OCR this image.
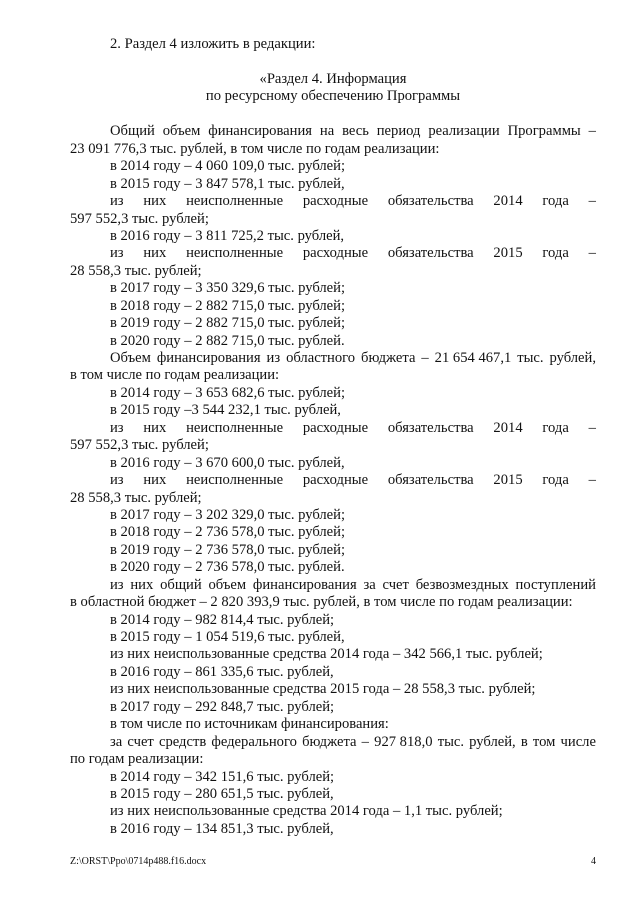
2. Раздел 4 изложить в редакции:
«Раздел 4. Информация
по ресурсному обеспечению Программы
Общий объем финансирования на весь период реализации Программы –
23 091 776,3 тыс. рублей, в том числе по годам реализации:
в 2014 году – 4 060 109,0 тыс. рублей;
в 2015 году – 3 847 578,1 тыс. рублей,
из них неисполненные расходные обязательства 2014 года –
597 552,3 тыс. рублей;
в 2016 году – 3 811 725,2 тыс. рублей,
из них неисполненные расходные обязательства 2015 года –
28 558,3 тыс. рублей;
в 2017 году – 3 350 329,6 тыс. рублей;
в 2018 году – 2 882 715,0 тыс. рублей;
в 2019 году – 2 882 715,0 тыс. рублей;
в 2020 году – 2 882 715,0 тыс. рублей.
Объем финансирования из областного бюджета – 21 654 467,1 тыс. рублей,
в том числе по годам реализации:
в 2014 году – 3 653 682,6 тыс. рублей;
в 2015 году –3 544 232,1 тыс. рублей,
из них неисполненные расходные обязательства 2014 года –
597 552,3 тыс. рублей;
в 2016 году – 3 670 600,0 тыс. рублей,
из них неисполненные расходные обязательства 2015 года –
28 558,3 тыс. рублей;
в 2017 году – 3 202 329,0 тыс. рублей;
в 2018 году – 2 736 578,0 тыс. рублей;
в 2019 году – 2 736 578,0 тыс. рублей;
в 2020 году – 2 736 578,0 тыс. рублей.
из них общий объем финансирования за счет безвозмездных поступлений
в областной бюджет – 2 820 393,9 тыс. рублей, в том числе по годам реализации:
в 2014 году – 982 814,4 тыс. рублей;
в 2015 году – 1 054 519,6 тыс. рублей,
из них неиспользованные средства 2014 года – 342 566,1 тыс. рублей;
в 2016 году – 861 335,6 тыс. рублей,
из них неиспользованные средства 2015 года – 28 558,3 тыс. рублей;
в 2017 году – 292 848,7 тыс. рублей;
в том числе по источникам финансирования:
за счет средств федерального бюджета – 927 818,0 тыс. рублей, в том числе
по годам реализации:
в 2014 году – 342 151,6 тыс. рублей;
в 2015 году – 280 651,5 тыс. рублей,
из них неиспользованные средства 2014 года – 1,1 тыс. рублей;
в 2016 году – 134 851,3 тыс. рублей,
Z:\ORST\Ppo\0714p488.f16.docx	4
